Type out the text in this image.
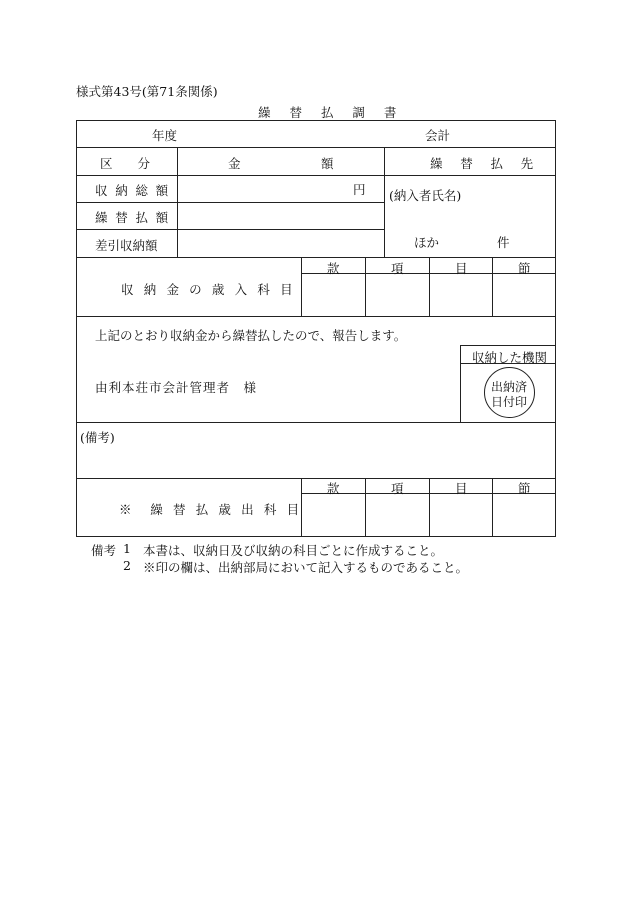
様式第43号(第71条関係)
繰 替 払 調 書
年度	会計
区　　分	金	額	繰 替 払 先
収 納 総 額	円
繰 替 払 額
差引収納額
(納入者氏名)
ほか	件
款	項	目	節
収 納 金 の 歳 入 科 目
上記のとおり収納金から繰替払したので、報告します。
収納した機関
由利本荘市会計管理者　様	出納済
日付印
(備考)
款	項	目	節
※　繰 替 払 歳 出 科 目
備考 1 本書は、収納日及び収納の科目ごとに作成すること。
2 ※印の欄は、出納部局において記入するものであること。
